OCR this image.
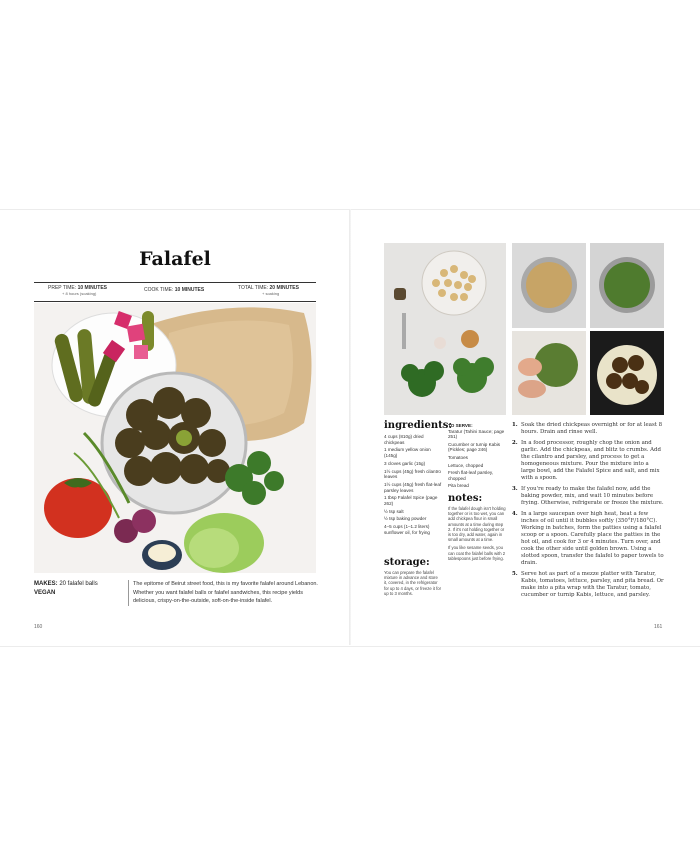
Falafel
PREP TIME: 10 MINUTES
+ 8 hours (soaking)
COOK TIME: 10 MINUTES	TOTAL TIME: 20 MINUTES
+ soaking
MAKES: 20 falafel balls
VEGAN
The epitome of Beirut street food, this is my favorite falafel around Lebanon. Whether you want falafel balls or falafel sandwiches, this recipe yields delicious, crispy-on-the-outside, soft-on-the-inside falafel.
160
ingredients:
4 cups (810g) dried chickpeas
1 medium yellow onion (145g)
3 cloves garlic (15g)
1½ cups (45g) fresh cilantro leaves
1½ cups (45g) fresh flat-leaf parsley leaves
1 tbsp Falafel Spice (page 262)
½ tsp salt
½ tsp baking powder
4–5 cups (1–1.2 liters) sunflower oil, for frying
storage:
You can prepare the falafel mixture in advance and store it, covered, in the refrigerator for up to 4 days, or freeze it for up to 3 months.
TO SERVE:
Taratur (Tahini Sauce; page 251)
Cucumber or turnip Kabis (Pickles; page 246)
Tomatoes
Lettuce, chopped
Fresh flat-leaf parsley, chopped
Pita bread
notes:
If the falafel dough isn't holding together or is too wet, you can add chickpea flour in small amounts at a time during step 2. If it's not holding together or is too dry, add water, again in small amounts at a time.
If you like sesame seeds, you can coat the falafel balls with 2 tablespoons just before frying.
1. Soak the dried chickpeas overnight or for at least 8 hours. Drain and rinse well.
2. In a food processor, roughly chop the onion and garlic. Add the chickpeas, and blitz to crumbs. Add the cilantro and parsley, and process to get a homogeneous mixture. Pour the mixture into a large bowl, add the Falafel Spice and salt, and mix with a spoon.
3. If you're ready to make the falafel now, add the baking powder, mix, and wait 10 minutes before frying. Otherwise, refrigerate or freeze the mixture.
4. In a large saucepan over high heat, heat a few inches of oil until it bubbles softly (350°F/180°C). Working in batches, form the patties using a falafel scoop or a spoon. Carefully place the patties in the hot oil, and cook for 3 or 4 minutes. Turn over, and cook the other side until golden brown. Using a slotted spoon, transfer the falafel to paper towels to drain.
5. Serve hot as part of a mezze platter with Taratur, Kabis, tomatoes, lettuce, parsley, and pita bread. Or make into a pita wrap with the Taratur, tomato, cucumber or turnip Kabis, lettuce, and parsley.
161
